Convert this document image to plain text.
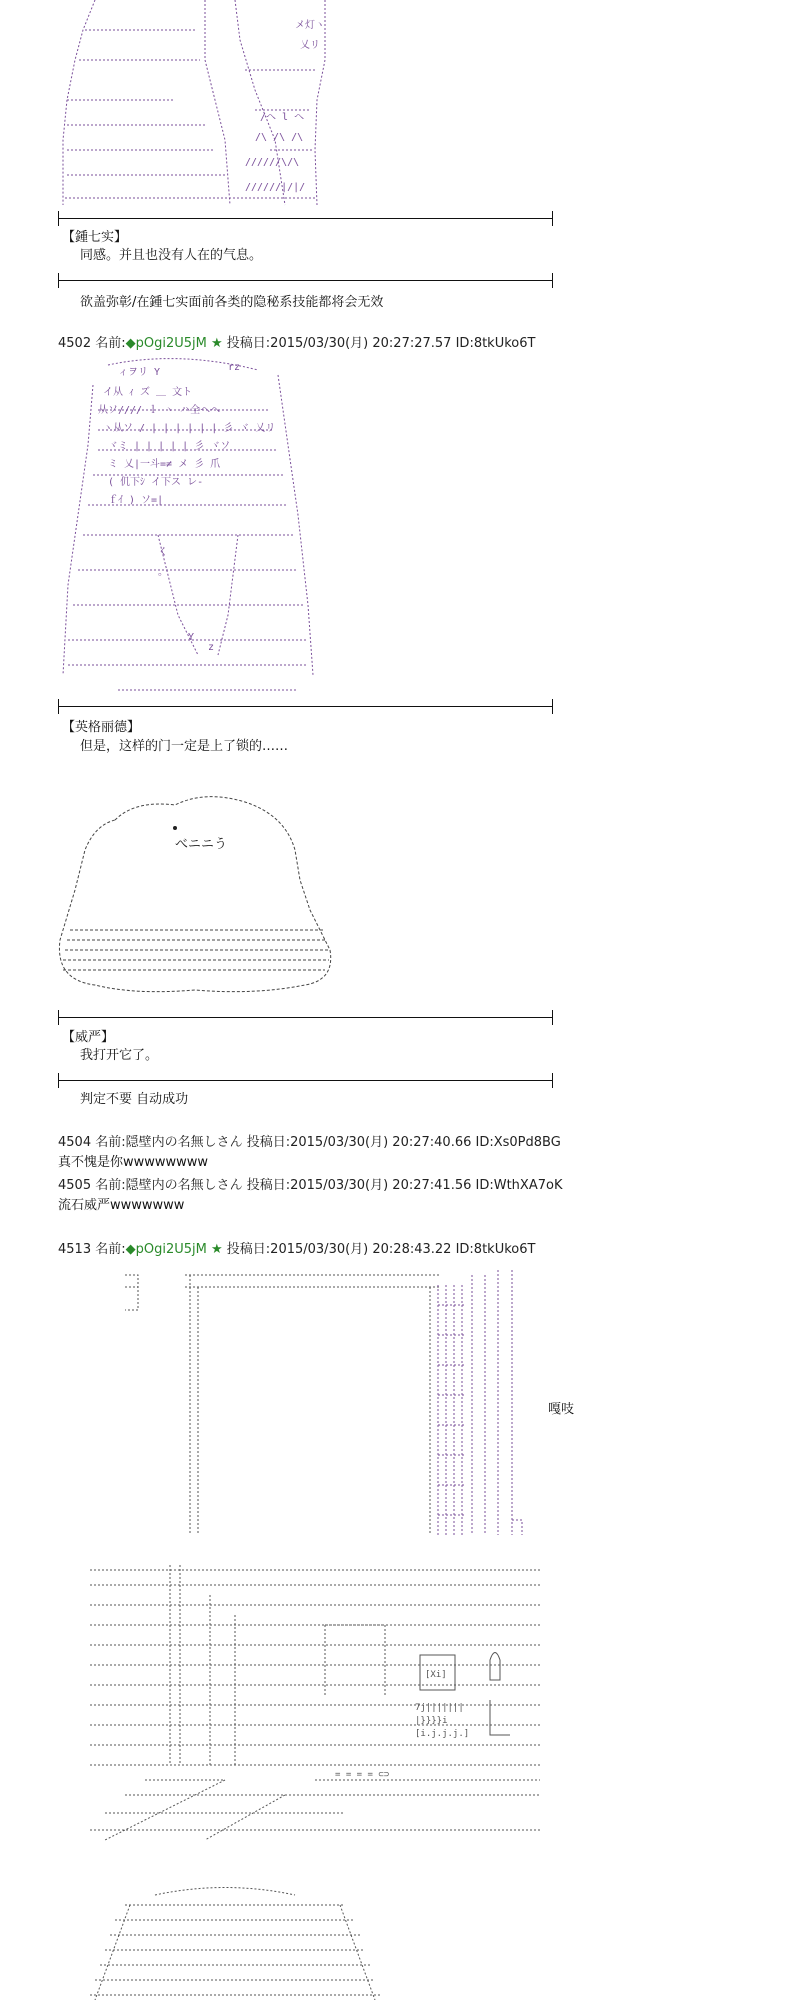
メ灯ヽ
乂リ
/へ l へ
/\ /\ /\
//////\/\
//////|/|/
【鍾七实】
同感。并且也没有人在的气息。
欲盖弥彰/在鍾七实面前各类的隐秘系技能都将会无效
4502 名前:◆pOgi2U5jM ★ 投稿日:2015/03/30(月) 20:27:27.57 ID:8tkUko6T
ィヲリ Y	rz
イ从 ｨ ズ ＿ 文ト
从ソ//// ｌ ヽ ハ全ヘヘ
ヽ从ソ / | | | | | | 彡 ヾ 乂リ
ヾミ | | | | | 彡 ヾソ
ミ 乂|一斗=≠ メ 彡 爪
( 仉下ｼ イ下ス レ-
ｆｲ ) ソ=|
く
。
Y
z
【英格丽德】
但是，这样的门一定是上了锁的……
べニニう
【威严】
我打开它了。
判定不要 自动成功
4504 名前:隠壁内の名無しさん 投稿日:2015/03/30(月) 20:27:40.66 ID:Xs0Pd8BG
真不愧是你wwwwwwww
4505 名前:隠壁内の名無しさん 投稿日:2015/03/30(月) 20:27:41.56 ID:WthXA7oK
流石威严wwwwwww
4513 名前:◆pOgi2U5jM ★ 投稿日:2015/03/30(月) 20:28:43.22 ID:8tkUko6T
嘎吱
[Xi]
7j|||||||
|}}}}i
[i.j.j.j.]
= = = = ⊂⊃
